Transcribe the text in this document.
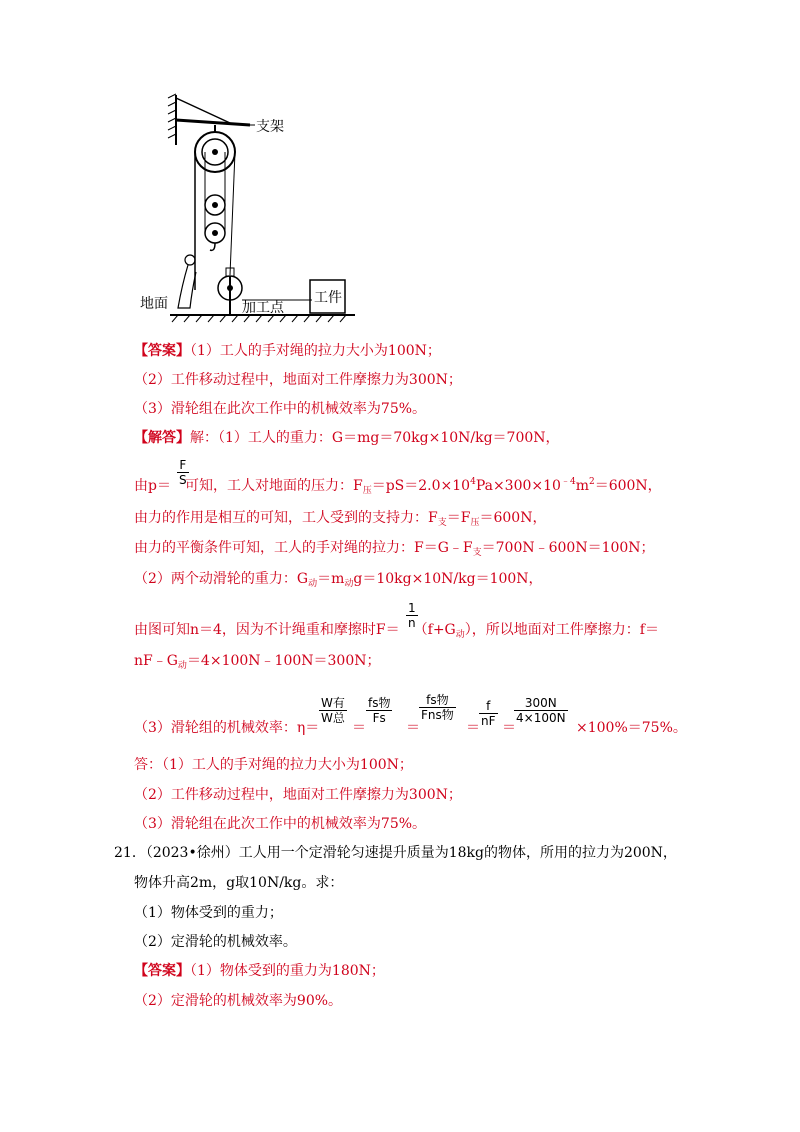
支架
地面	加工点
工件
【答案】（1）工人的手对绳的拉力大小为100N；
（2）工件移动过程中，地面对工件摩擦力为300N；
（3）滑轮组在此次工作中的机械效率为75%。
【解答】解：（1）工人的重力：G＝mg＝70kg×10N/kg＝700N，
由p＝ 可知，工人对地面的压力：$F_压=pS=2.0\times 10^4Pa\times 300\times 10^{﹣4}m^2=600N$，
F
S
由力的作用是相互的可知，工人受到的支持力：$F_支=F_压=600N$，
由力的平衡条件可知，工人的手对绳的拉力：$F=G﹣F_支=700N﹣600N=100N$；
（2）两个动滑轮的重力：$G_动=m_动g=10kg\times 10N/kg=100N$，
由图可知n＝4，因为不计绳重和摩擦时$F= (f+G_动)$，所以地面对工件摩擦力：f＝
1
n
$nF﹣G_动=4\times 100N﹣100N=300N$；
（3）滑轮组的机械效率：η＝
W有
W总
＝
fs物
Fs
＝
fs物
Fns物
＝
f
nF ＝
300N
4×100N
×100%＝75%。
答：（1）工人的手对绳的拉力大小为100N；
（2）工件移动过程中，地面对工件摩擦力为300N；
（3）滑轮组在此次工作中的机械效率为75%。
21．（2023•徐州）工人用一个定滑轮匀速提升质量为18kg的物体，所用的拉力为200N，
物体升高2m，g取10N/kg。求：
（1）物体受到的重力；
（2）定滑轮的机械效率。
【答案】（1）物体受到的重力为180N；
（2）定滑轮的机械效率为90%。
